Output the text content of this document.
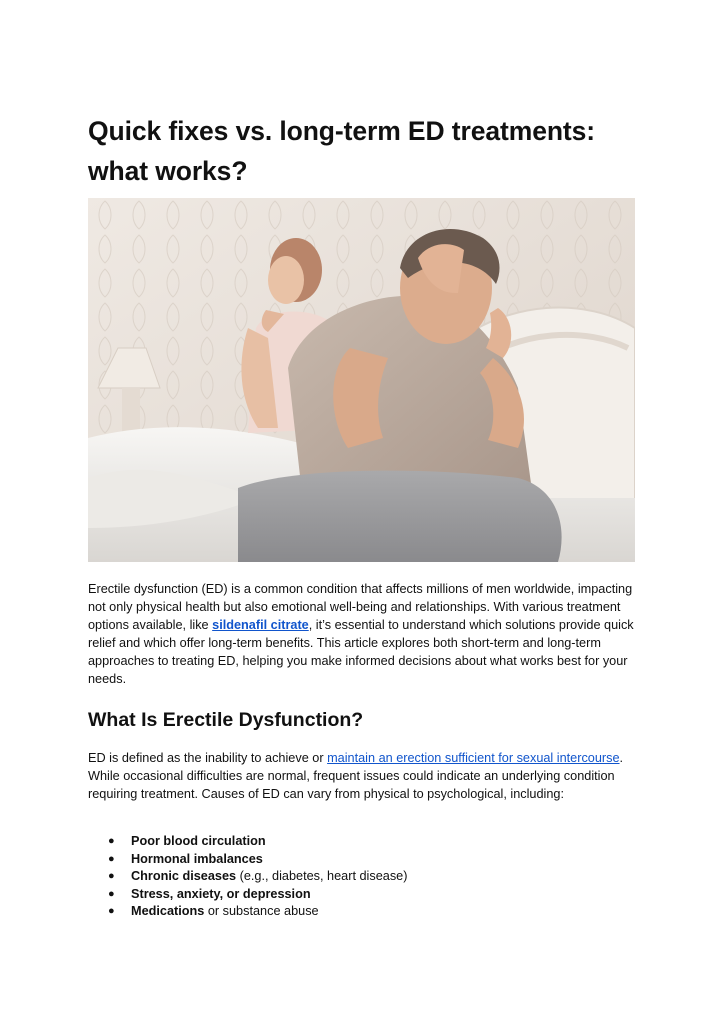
Quick fixes vs. long-term ED treatments: what works?

Erectile dysfunction (ED) is a common condition that affects millions of men worldwide, impacting not only physical health but also emotional well-being and relationships. With various treatment options available, like sildenafil citrate, it’s essential to understand which solutions provide quick relief and which offer long-term benefits. This article explores both short-term and long-term approaches to treating ED, helping you make informed decisions about what works best for your needs.

What Is Erectile Dysfunction?

ED is defined as the inability to achieve or maintain an erection sufficient for sexual intercourse. While occasional difficulties are normal, frequent issues could indicate an underlying condition requiring treatment. Causes of ED can vary from physical to psychological, including:

● Poor blood circulation
● Hormonal imbalances
● Chronic diseases (e.g., diabetes, heart disease)
● Stress, anxiety, or depression
● Medications or substance abuse
